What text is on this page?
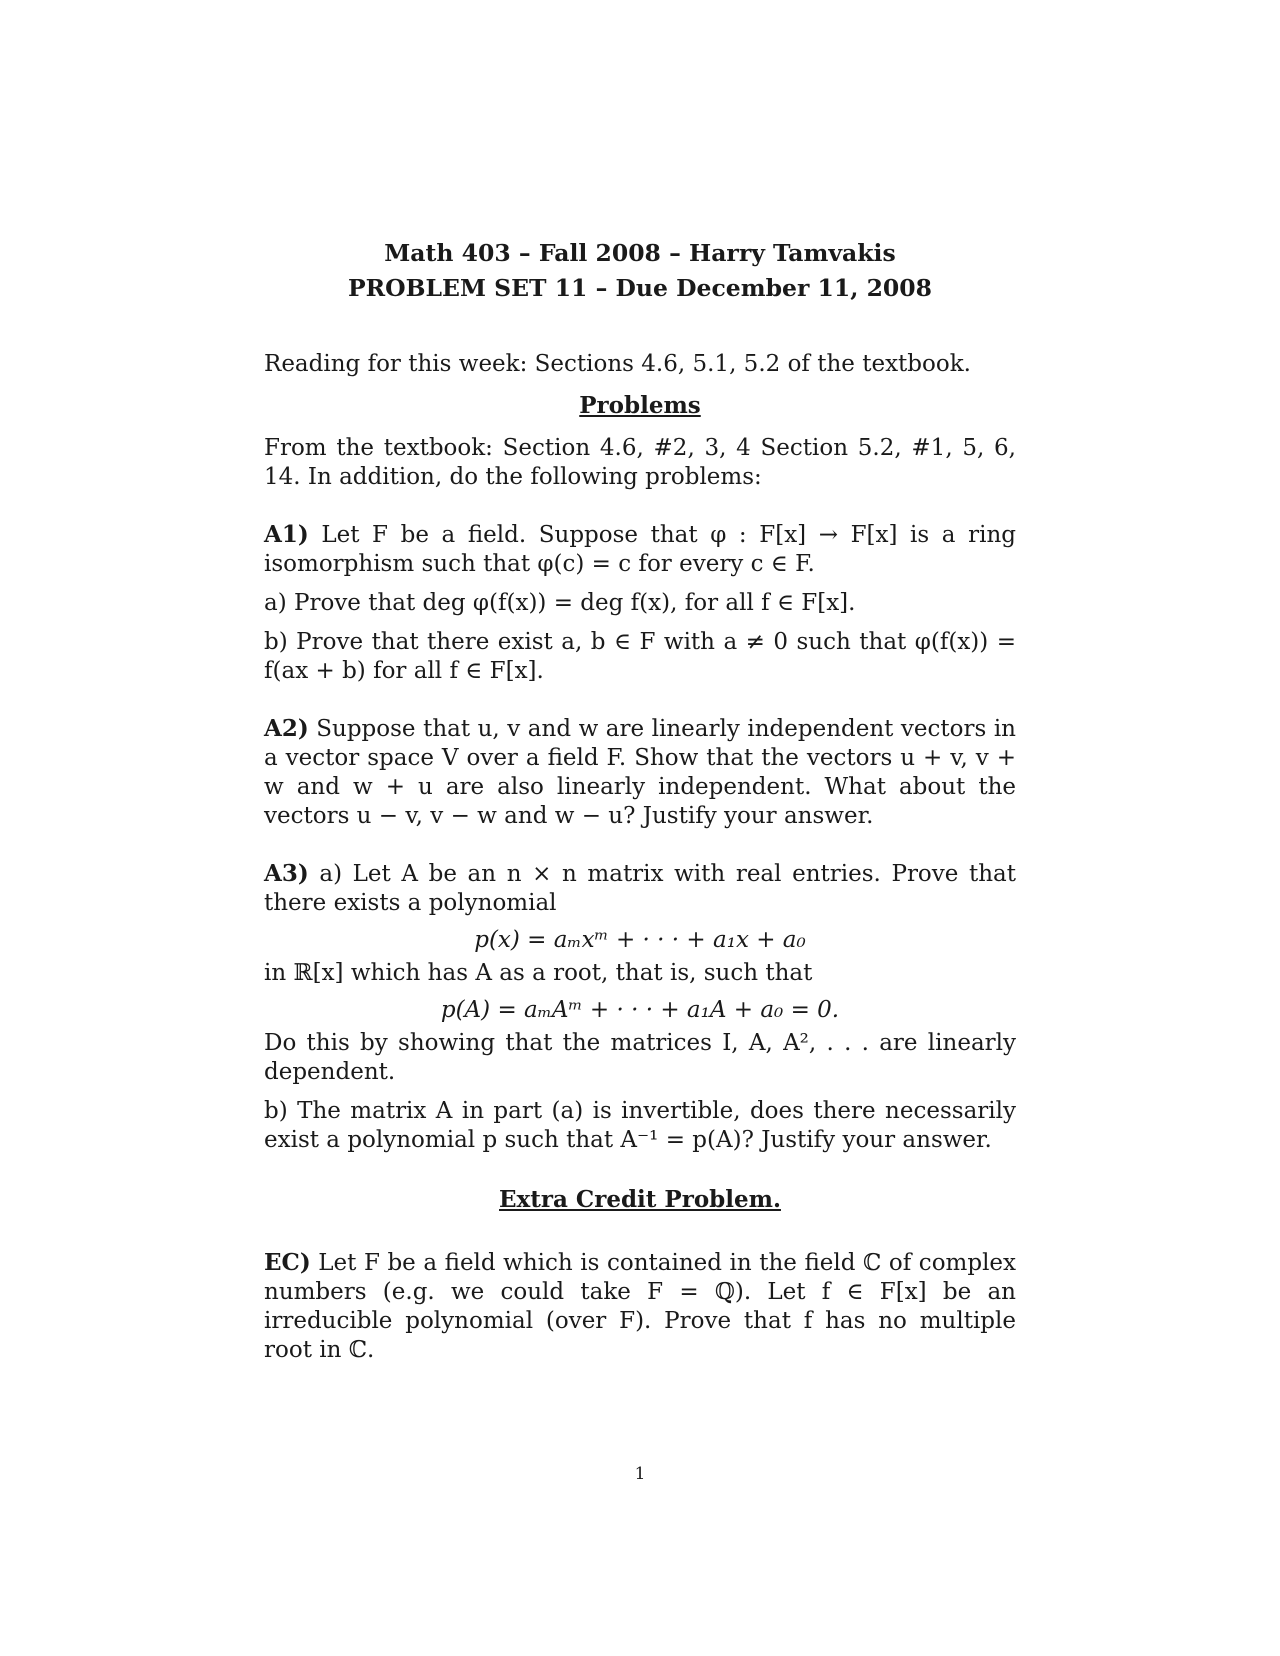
Math 403 – Fall 2008 – Harry Tamvakis
PROBLEM SET 11 – Due December 11, 2008

Reading for this week: Sections 4.6, 5.1, 5.2 of the textbook.

Problems

From the textbook: Section 4.6, #2, 3, 4 Section 5.2, #1, 5, 6, 14. In addition, do the following problems:

A1) Let F be a field. Suppose that φ : F[x] → F[x] is a ring isomorphism such that φ(c) = c for every c ∈ F.

a) Prove that deg φ(f(x)) = deg f(x), for all f ∈ F[x].

b) Prove that there exist a, b ∈ F with a ≠ 0 such that φ(f(x)) = f(ax + b) for all f ∈ F[x].

A2) Suppose that u, v and w are linearly independent vectors in a vector space V over a field F. Show that the vectors u + v, v + w and w + u are also linearly independent. What about the vectors u − v, v − w and w − u? Justify your answer.

A3) a) Let A be an n × n matrix with real entries. Prove that there exists a polynomial

p(x) = aₘxᵐ + · · · + a₁x + a₀

in ℝ[x] which has A as a root, that is, such that

p(A) = aₘAᵐ + · · · + a₁A + a₀ = 0.

Do this by showing that the matrices I, A, A², . . . are linearly dependent.

b) The matrix A in part (a) is invertible, does there necessarily exist a polynomial p such that A⁻¹ = p(A)? Justify your answer.

Extra Credit Problem.

EC) Let F be a field which is contained in the field ℂ of complex numbers (e.g. we could take F = ℚ). Let f ∈ F[x] be an irreducible polynomial (over F). Prove that f has no multiple root in ℂ.

1
